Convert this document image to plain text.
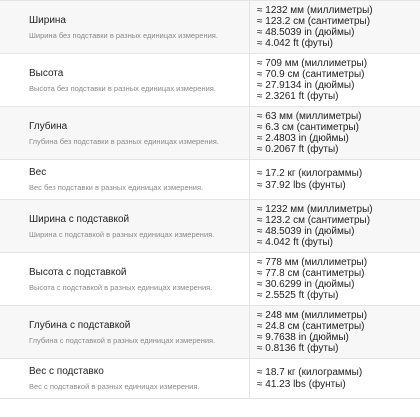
Ширина
Ширина без подставки в разных единицах измерения.
≈ 1232 мм (миллиметры)
≈ 123.2 см (сантиметры)
≈ 48.5039 in (дюймы)
≈ 4.042 ft (футы)
Высота
Высота без подставки в разных единицах измерения.
≈ 709 мм (миллиметры)
≈ 70.9 см (сантиметры)
≈ 27.9134 in (дюймы)
≈ 2.3261 ft (футы)
Глубина
Глубина без подставки в разных единицах измерения.
≈ 63 мм (миллиметры)
≈ 6.3 см (сантиметры)
≈ 2.4803 in (дюймы)
≈ 0.2067 ft (футы)
Вес
Вес без подставки в разных единицах измерения.
≈ 17.2 кг (килограммы)
≈ 37.92 lbs (фунты)
Ширина с подставкой
Ширина с подставкой в разных единицах измерения.
≈ 1232 мм (миллиметры)
≈ 123.2 см (сантиметры)
≈ 48.5039 in (дюймы)
≈ 4.042 ft (футы)
Высота с подставкой
Высота с подставкой в разных единицах измерения.
≈ 778 мм (миллиметры)
≈ 77.8 см (сантиметры)
≈ 30.6299 in (дюймы)
≈ 2.5525 ft (футы)
Глубина с подставкой
Глубина с подставкой в разных единицах измерения.
≈ 248 мм (миллиметры)
≈ 24.8 см (сантиметры)
≈ 9.7638 in (дюймы)
≈ 0.8136 ft (футы)
Вес с подставко
Вес с подставкой в разных единицах измерения.
≈ 18.7 кг (килограммы)
≈ 41.23 lbs (фунты)
